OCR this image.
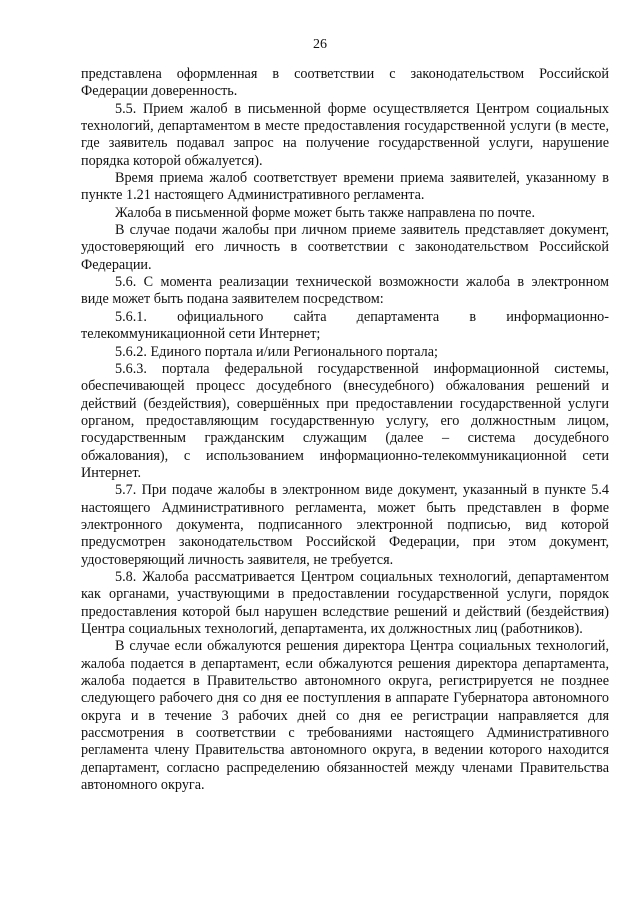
26

представлена оформленная в соответствии с законодательством Российской Федерации доверенность.

5.5. Прием жалоб в письменной форме осуществляется Центром социальных технологий, департаментом в месте предоставления государственной услуги (в месте, где заявитель подавал запрос на получение государственной услуги, нарушение порядка которой обжалуется).

Время приема жалоб соответствует времени приема заявителей, указанному в пункте 1.21 настоящего Административного регламента.

Жалоба в письменной форме может быть также направлена по почте.

В случае подачи жалобы при личном приеме заявитель представляет документ, удостоверяющий его личность в соответствии с законодательством Российской Федерации.

5.6. С момента реализации технической возможности жалоба в электронном виде может быть подана заявителем посредством:

5.6.1. официального сайта департамента в информационно-телекоммуникационной сети Интернет;

5.6.2. Единого портала и/или Регионального портала;

5.6.3. портала федеральной государственной информационной системы, обеспечивающей процесс досудебного (внесудебного) обжалования решений и действий (бездействия), совершённых при предоставлении государственной услуги органом, предоставляющим государственную услугу, его должностным лицом, государственным гражданским служащим (далее – система досудебного обжалования), с использованием информационно-телекоммуникационной сети Интернет.

5.7. При подаче жалобы в электронном виде документ, указанный в пункте 5.4 настоящего Административного регламента, может быть представлен в форме электронного документа, подписанного электронной подписью, вид которой предусмотрен законодательством Российской Федерации, при этом документ, удостоверяющий личность заявителя, не требуется.

5.8. Жалоба рассматривается Центром социальных технологий, департаментом как органами, участвующими в предоставлении государственной услуги, порядок предоставления которой был нарушен вследствие решений и действий (бездействия) Центра социальных технологий, департамента, их должностных лиц (работников).

В случае если обжалуются решения директора Центра социальных технологий, жалоба подается в департамент, если обжалуются решения директора департамента, жалоба подается в Правительство автономного округа, регистрируется не позднее следующего рабочего дня со дня ее поступления в аппарате Губернатора автономного округа и в течение 3 рабочих дней со дня ее регистрации направляется для рассмотрения в соответствии с требованиями настоящего Административного регламента члену Правительства автономного округа, в ведении которого находится департамент, согласно распределению обязанностей между членами Правительства автономного округа.
